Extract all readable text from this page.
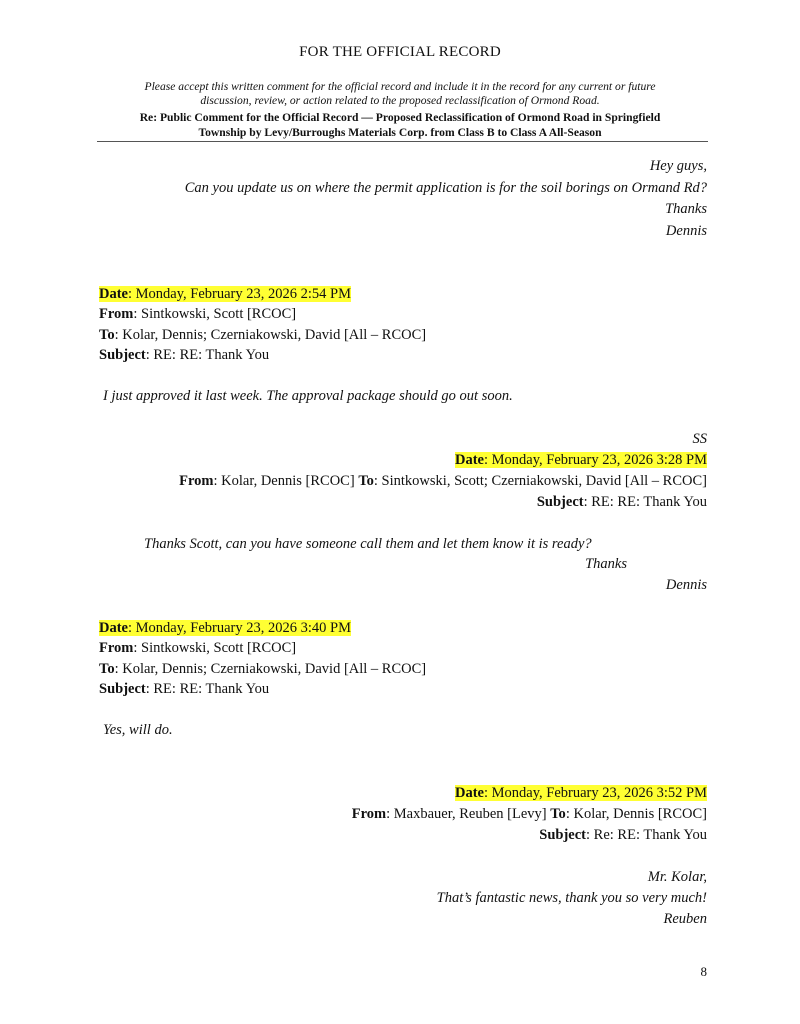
FOR THE OFFICIAL RECORD
Please accept this written comment for the official record and include it in the record for any current or future
discussion, review, or action related to the proposed reclassification of Ormond Road.
Re: Public Comment for the Official Record — Proposed Reclassification of Ormond Road in Springfield
Township by Levy/Burroughs Materials Corp. from Class B to Class A All-Season
Hey guys,
Can you update us on where the permit application is for the soil borings on Ormand Rd?
Thanks
Dennis
Date: Monday, February 23, 2026 2:54 PM
From: Sintkowski, Scott [RCOC]
To: Kolar, Dennis; Czerniakowski, David [All – RCOC]
Subject: RE: RE: Thank You
I just approved it last week. The approval package should go out soon.
SS
Date: Monday, February 23, 2026 3:28 PM
From: Kolar, Dennis [RCOC] To: Sintkowski, Scott; Czerniakowski, David [All – RCOC]
Subject: RE: RE: Thank You
Thanks Scott, can you have someone call them and let them know it is ready?
Thanks
Dennis
Date: Monday, February 23, 2026 3:40 PM
From: Sintkowski, Scott [RCOC]
To: Kolar, Dennis; Czerniakowski, David [All – RCOC]
Subject: RE: RE: Thank You
Yes, will do.
Date: Monday, February 23, 2026 3:52 PM
From: Maxbauer, Reuben [Levy] To: Kolar, Dennis [RCOC]
Subject: Re: RE: Thank You
Mr. Kolar,
That’s fantastic news, thank you so very much!
Reuben
8
